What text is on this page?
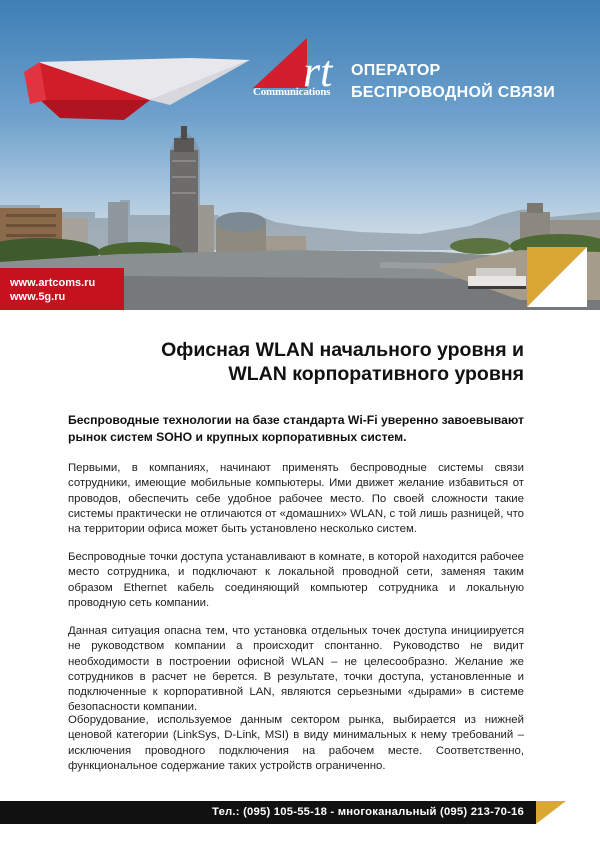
rt
Communications
ОПЕРАТОР
БЕСПРОВОДНОЙ СВЯЗИ
www.artcoms.ru
www.5g.ru
Офисная WLAN начального уровня и
WLAN корпоративного уровня
Беспроводные технологии на базе стандарта Wi-Fi уверенно завоевывают рынок систем SOHO и крупных корпоративных систем.
Первыми, в компаниях, начинают применять беспроводные системы связи сотрудники, имеющие мобильные компьютеры. Ими движет желание избавиться от проводов, обеспечить себе удобное рабочее место. По своей сложности такие системы практически не отличаются от «домашних» WLAN, с той лишь разницей, что на территории офиса может быть установлено несколько систем.
Беспроводные точки доступа устанавливают в комнате, в которой находится рабочее место сотрудника, и подключают к локальной проводной сети, заменяя таким образом Ethernet кабель соединяющий компьютер сотрудника и локальную проводную сеть компании.
Данная ситуация опасна тем, что установка отдельных точек доступа инициируется не руководством компании а происходит спонтанно. Руководство не видит необходимости в построении офисной WLAN – не целесообразно. Желание же сотрудников в расчет не берется. В результате, точки доступа, установленные и подключенные к корпоративной LAN, являются серьезными «дырами» в системе безопасности компании.
Оборудование, используемое данным сектором рынка, выбирается из нижней ценовой категории (LinkSys, D-Link, MSI) в виду минимальных к нему требований – исключения проводного подключения на рабочем месте. Соответственно, функциональное содержание таких устройств ограниченно.
Тел.: (095) 105-55-18 - многоканальный (095) 213-70-16
